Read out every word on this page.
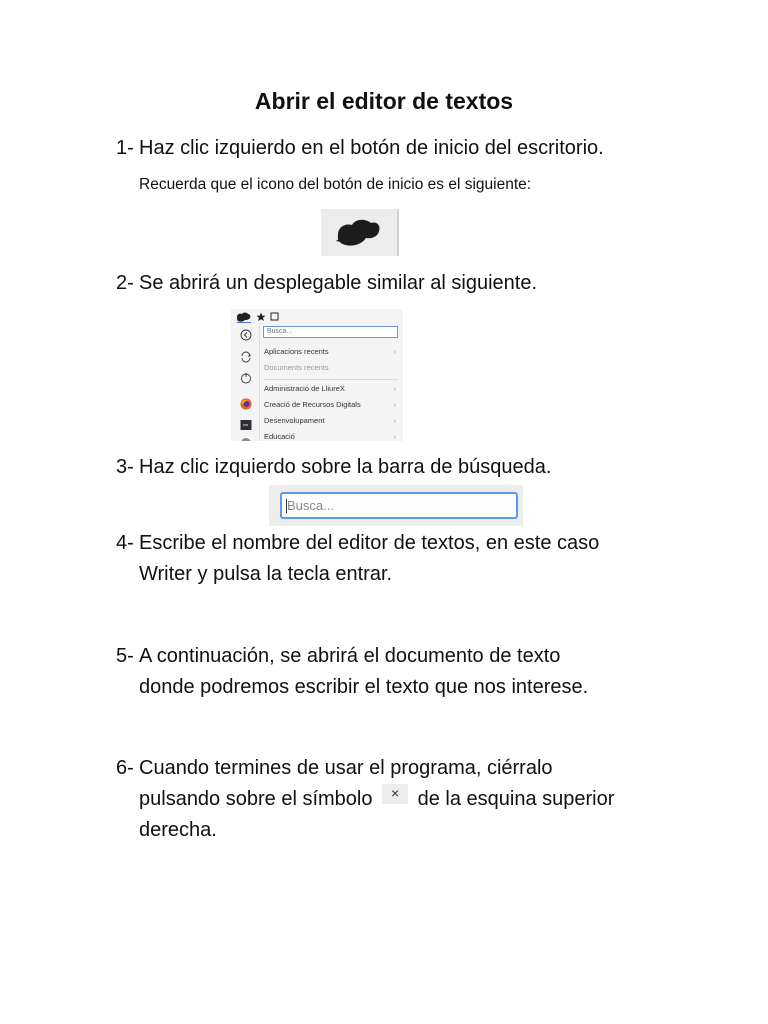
Abrir el editor de textos
1- Haz clic izquierdo en el botón de inicio del escritorio.
Recuerda que el icono del botón de inicio es el siguiente:
2- Se abrirá un desplegable similar al siguiente.
Busca...
Aplicacions recents	›
Documents recents
Administració de LliureX	›
Creació de Recursos Digitals	›
Desenvolupament	›
Educació	›
3- Haz clic izquierdo sobre la barra de búsqueda.
Busca...
4- Escribe el nombre del editor de textos, en este caso
Writer y pulsa la tecla entrar.
5- A continuación, se abrirá el documento de texto
donde podremos escribir el texto que nos interese.
6- Cuando termines de usar el programa, ciérralo
pulsando sobre el símbolo × de la esquina superior
derecha.
